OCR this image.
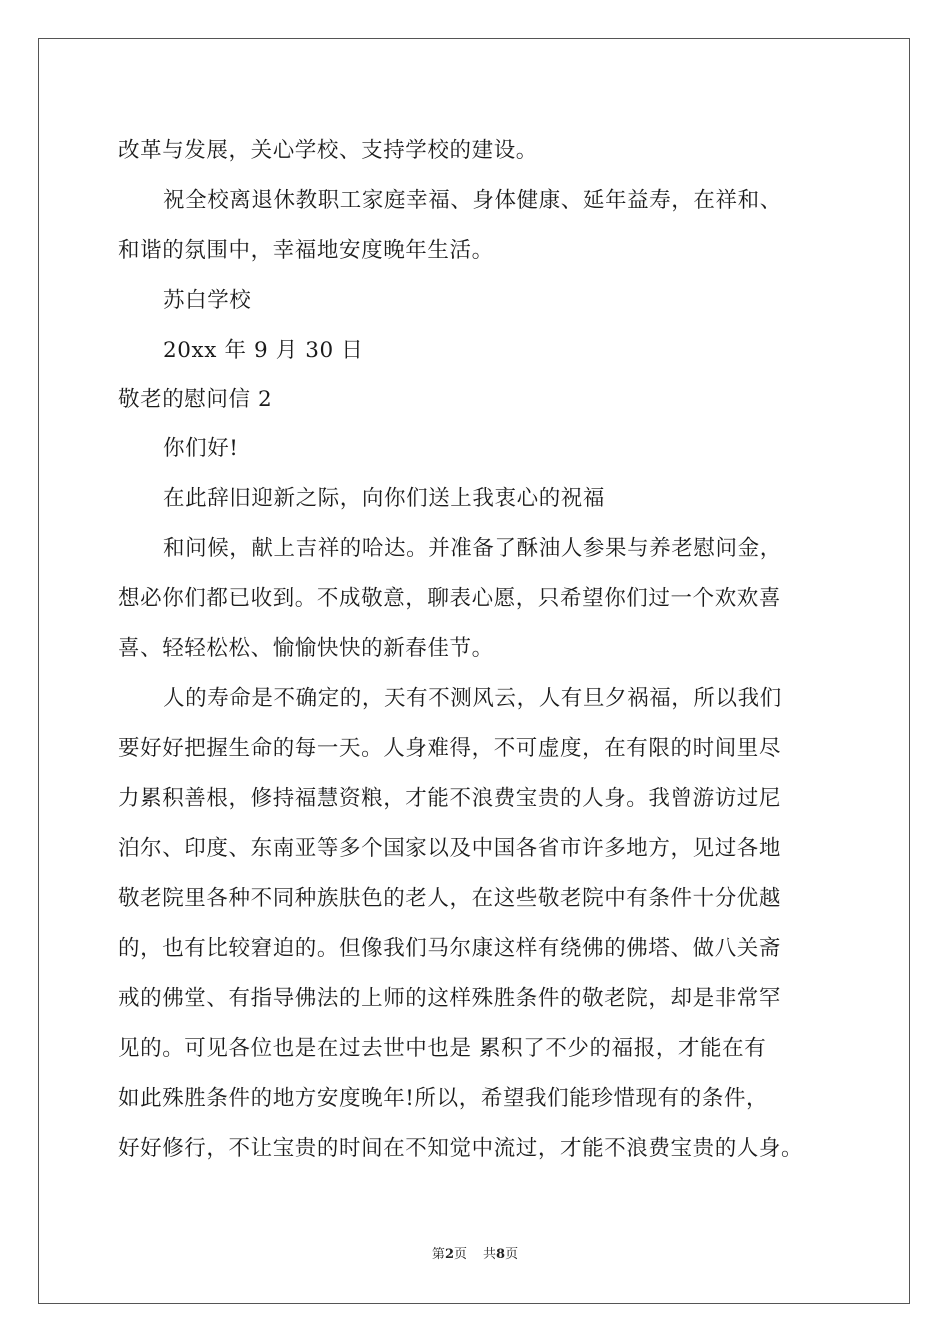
改革与发展，关心学校、支持学校的建设。
祝全校离退休教职工家庭幸福、身体健康、延年益寿，在祥和、
和谐的氛围中，幸福地安度晚年生活。
苏白学校
20xx 年 9 月 30 日
敬老的慰问信 2
你们好!
在此辞旧迎新之际，向你们送上我衷心的祝福
和问候，献上吉祥的哈达。并准备了酥油人参果与养老慰问金，
想必你们都已收到。不成敬意，聊表心愿，只希望你们过一个欢欢喜
喜、轻轻松松、愉愉快快的新春佳节。
人的寿命是不确定的，天有不测风云，人有旦夕祸福，所以我们
要好好把握生命的每一天。人身难得，不可虚度，在有限的时间里尽
力累积善根，修持福慧资粮，才能不浪费宝贵的人身。我曾游访过尼
泊尔、印度、东南亚等多个国家以及中国各省市许多地方，见过各地
敬老院里各种不同种族肤色的老人，在这些敬老院中有条件十分优越
的，也有比较窘迫的。但像我们马尔康这样有绕佛的佛塔、做八关斋
戒的佛堂、有指导佛法的上师的这样殊胜条件的敬老院，却是非常罕
见的。可见各位也是在过去世中也是 累积了不少的福报，才能在有
如此殊胜条件的地方安度晚年!所以，希望我们能珍惜现有的条件，
好好修行，不让宝贵的时间在不知觉中流过，才能不浪费宝贵的人身。
第2页 共8页
